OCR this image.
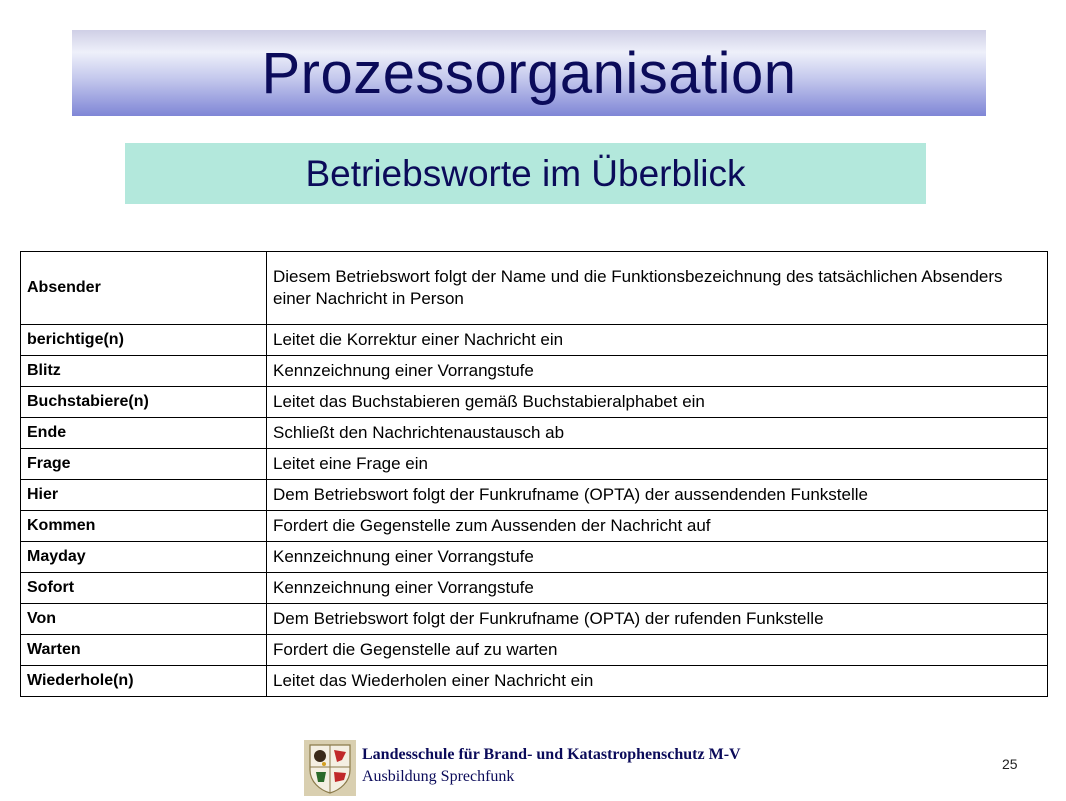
Prozessorganisation
Betriebsworte im Überblick
Absender	Diesem Betriebswort folgt der Name und die Funktionsbezeichnung des tatsächlichen Absenders einer Nachricht in Person
berichtige(n)	Leitet die Korrektur einer Nachricht ein
Blitz	Kennzeichnung einer Vorrangstufe
Buchstabiere(n)	Leitet das Buchstabieren gemäß Buchstabieralphabet ein
Ende	Schließt den Nachrichtenaustausch ab
Frage	Leitet eine Frage ein
Hier	Dem Betriebswort folgt der Funkrufname (OPTA) der aussendenden Funkstelle
Kommen	Fordert die Gegenstelle zum Aussenden der Nachricht auf
Mayday	Kennzeichnung einer Vorrangstufe
Sofort	Kennzeichnung einer Vorrangstufe
Von	Dem Betriebswort folgt der Funkrufname (OPTA) der rufenden Funkstelle
Warten	Fordert die Gegenstelle auf zu warten
Wiederhole(n)	Leitet das Wiederholen einer Nachricht ein
Landesschule für Brand- und Katastrophenschutz M-V
Ausbildung Sprechfunk
25
